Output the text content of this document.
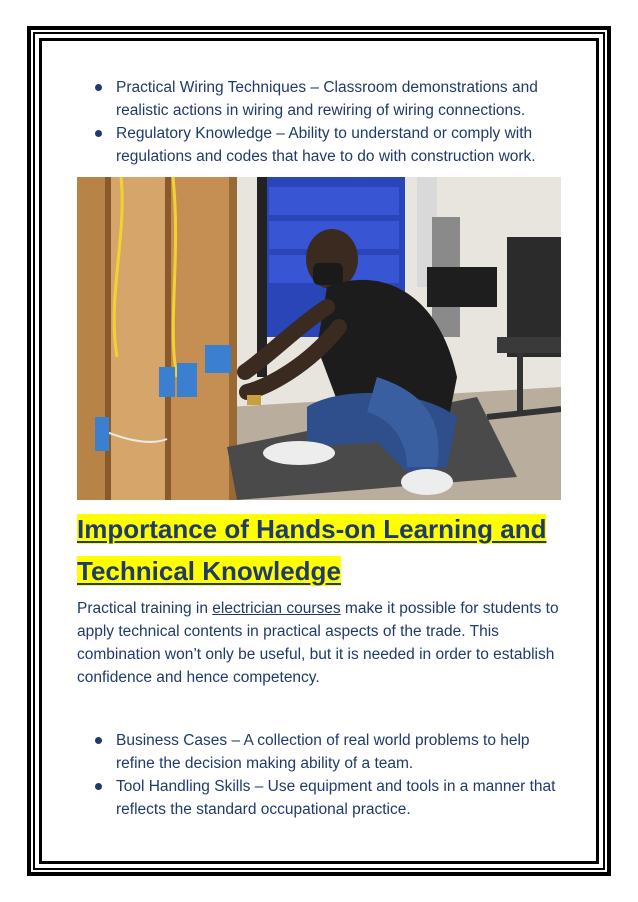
Practical Wiring Techniques – Classroom demonstrations and realistic actions in wiring and rewiring of wiring connections.
Regulatory Knowledge – Ability to understand or comply with regulations and codes that have to do with construction work.
Importance of Hands-on Learning and
Technical Knowledge

Practical training in electrician courses make it possible for students to apply technical contents in practical aspects of the trade. This combination won’t only be useful, but it is needed in order to establish confidence and hence competency.

Business Cases – A collection of real world problems to help refine the decision making ability of a team.
Tool Handling Skills – Use equipment and tools in a manner that reflects the standard occupational practice.
